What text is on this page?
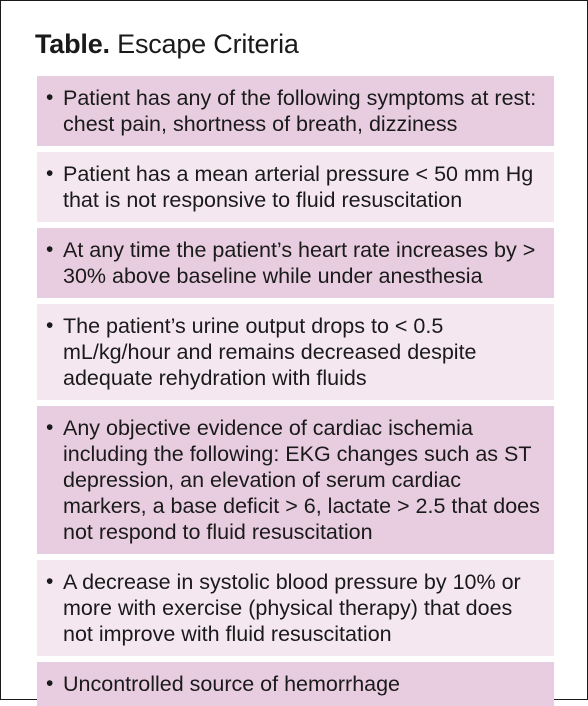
Table. Escape Criteria
• Patient has any of the following symptoms at rest: chest pain, shortness of breath, dizziness
• Patient has a mean arterial pressure < 50 mm Hg that is not responsive to fluid resuscitation
• At any time the patient’s heart rate increases by > 30% above baseline while under anesthesia
• The patient’s urine output drops to < 0.5 mL/kg/hour and remains decreased despite adequate rehydration with fluids
• Any objective evidence of cardiac ischemia including the following: EKG changes such as ST depression, an elevation of serum cardiac markers, a base deficit > 6, lactate > 2.5 that does not respond to fluid resuscitation
• A decrease in systolic blood pressure by 10% or more with exercise (physical therapy) that does not improve with fluid resuscitation
• Uncontrolled source of hemorrhage
